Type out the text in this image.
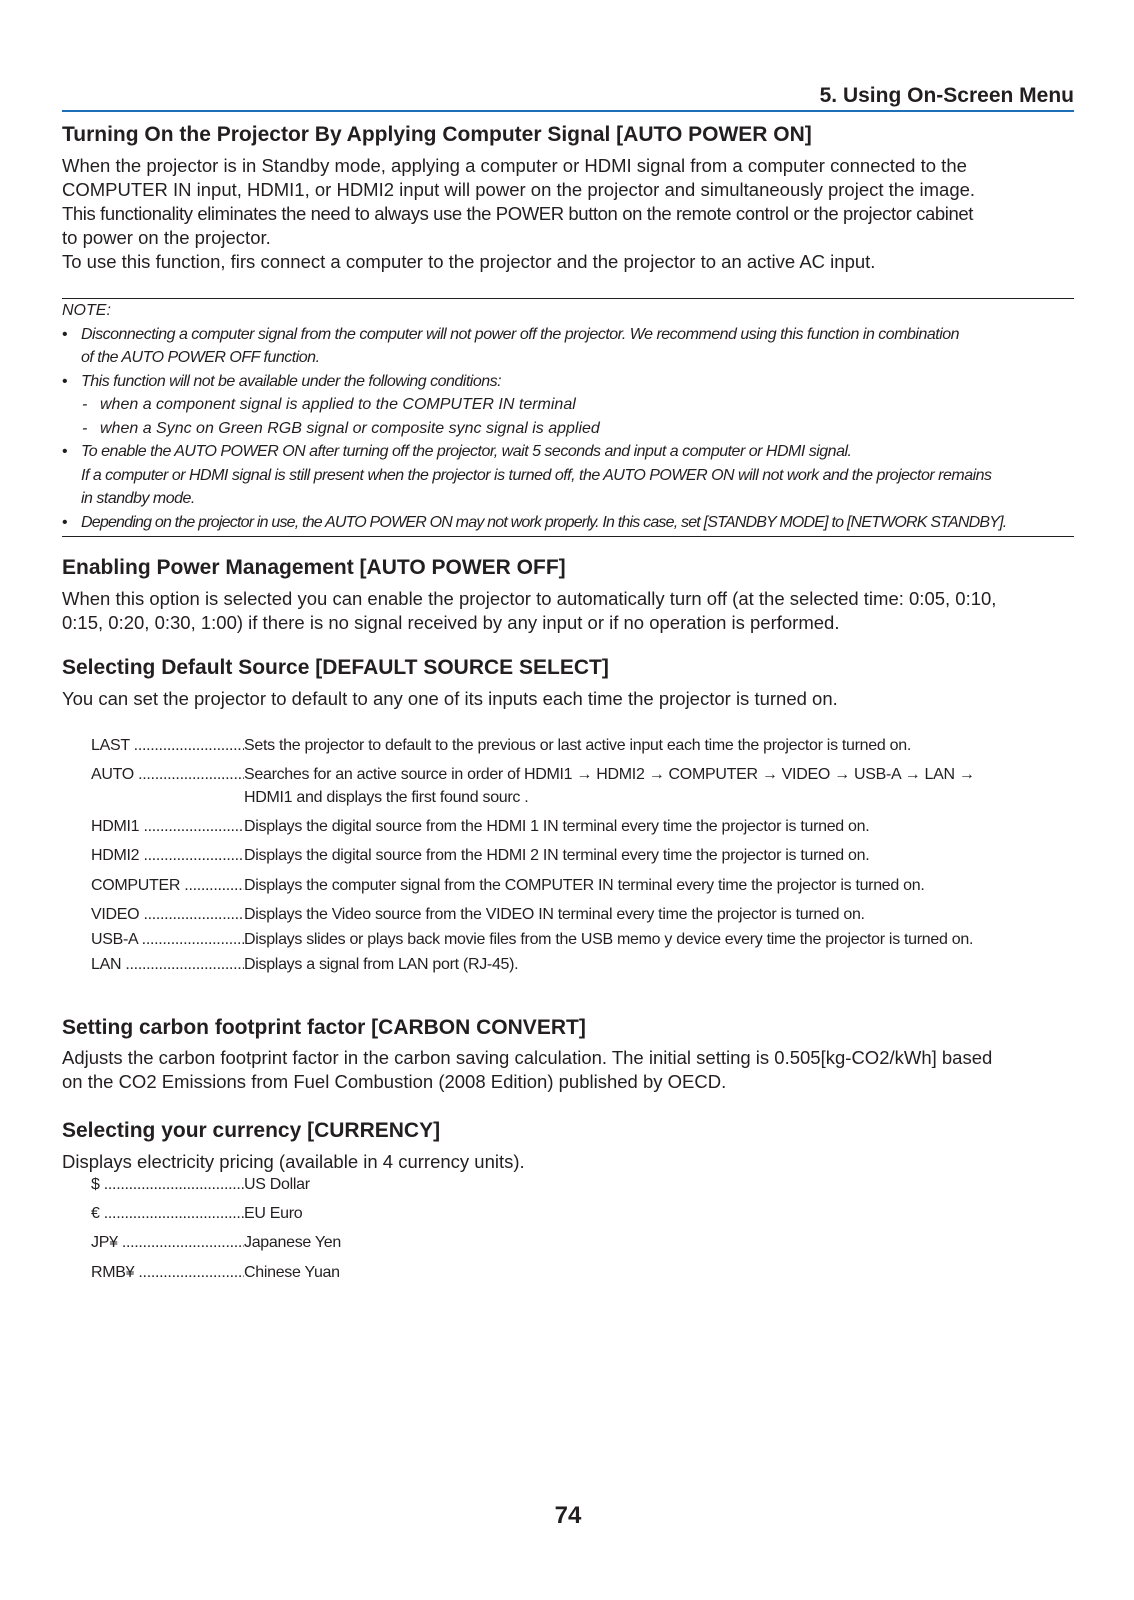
5. Using On-Screen Menu
Turning On the Projector By Applying Computer Signal [AUTO POWER ON]
When the projector is in Standby mode, applying a computer or HDMI signal from a computer connected to the
COMPUTER IN input, HDMI1, or HDMI2 input will power on the projector and simultaneously project the image.
This functionality eliminates the need to always use the POWER button on the remote control or the projector cabinet
to power on the projector.
To use this function, firs connect a computer to the projector and the projector to an active AC input.
NOTE:
• Disconnecting a computer signal from the computer will not power off the projector. We recommend using this function in combination
of the AUTO POWER OFF function.
• This function will not be available under the following conditions:
- when a component signal is applied to the COMPUTER IN terminal
- when a Sync on Green RGB signal or composite sync signal is applied
• To enable the AUTO POWER ON after turning off the projector, wait 5 seconds and input a computer or HDMI signal.
If a computer or HDMI signal is still present when the projector is turned off, the AUTO POWER ON will not work and the projector remains
in standby mode.
• Depending on the projector in use, the AUTO POWER ON may not work properly. In this case, set [STANDBY MODE] to [NETWORK STANDBY].
Enabling Power Management [AUTO POWER OFF]
When this option is selected you can enable the projector to automatically turn off (at the selected time: 0:05, 0:10,
0:15, 0:20, 0:30, 1:00) if there is no signal received by any input or if no operation is performed.
Selecting Default Source [DEFAULT SOURCE SELECT]
You can set the projector to default to any one of its inputs each time the projector is turned on.
LAST .....	Sets the projector to default to the previous or last active input each time the projector is turned on.
AUTO .....	Searches for an active source in order of HDMI1 → HDMI2 → COMPUTER → VIDEO → USB-A → LAN →
HDMI1 and displays the first found sourc .
HDMI1 .....	Displays the digital source from the HDMI 1 IN terminal every time the projector is turned on.
HDMI2 .....	Displays the digital source from the HDMI 2 IN terminal every time the projector is turned on.
COMPUTER .....	Displays the computer signal from the COMPUTER IN terminal every time the projector is turned on.
VIDEO .....	Displays the Video source from the VIDEO IN terminal every time the projector is turned on.
USB-A .....	Displays slides or plays back movie files from the USB memo y device every time the projector is turned on.
LAN .....	Displays a signal from LAN port (RJ-45).
Setting carbon footprint factor [CARBON CONVERT]
Adjusts the carbon footprint factor in the carbon saving calculation. The initial setting is 0.505[kg-CO2/kWh] based
on the CO2 Emissions from Fuel Combustion (2008 Edition) published by OECD.
Selecting your currency [CURRENCY]
Displays electricity pricing (available in 4 currency units).
$ .....	US Dollar
€ .....	EU Euro
JP¥ .....	Japanese Yen
RMB¥ .....	Chinese Yuan
74
